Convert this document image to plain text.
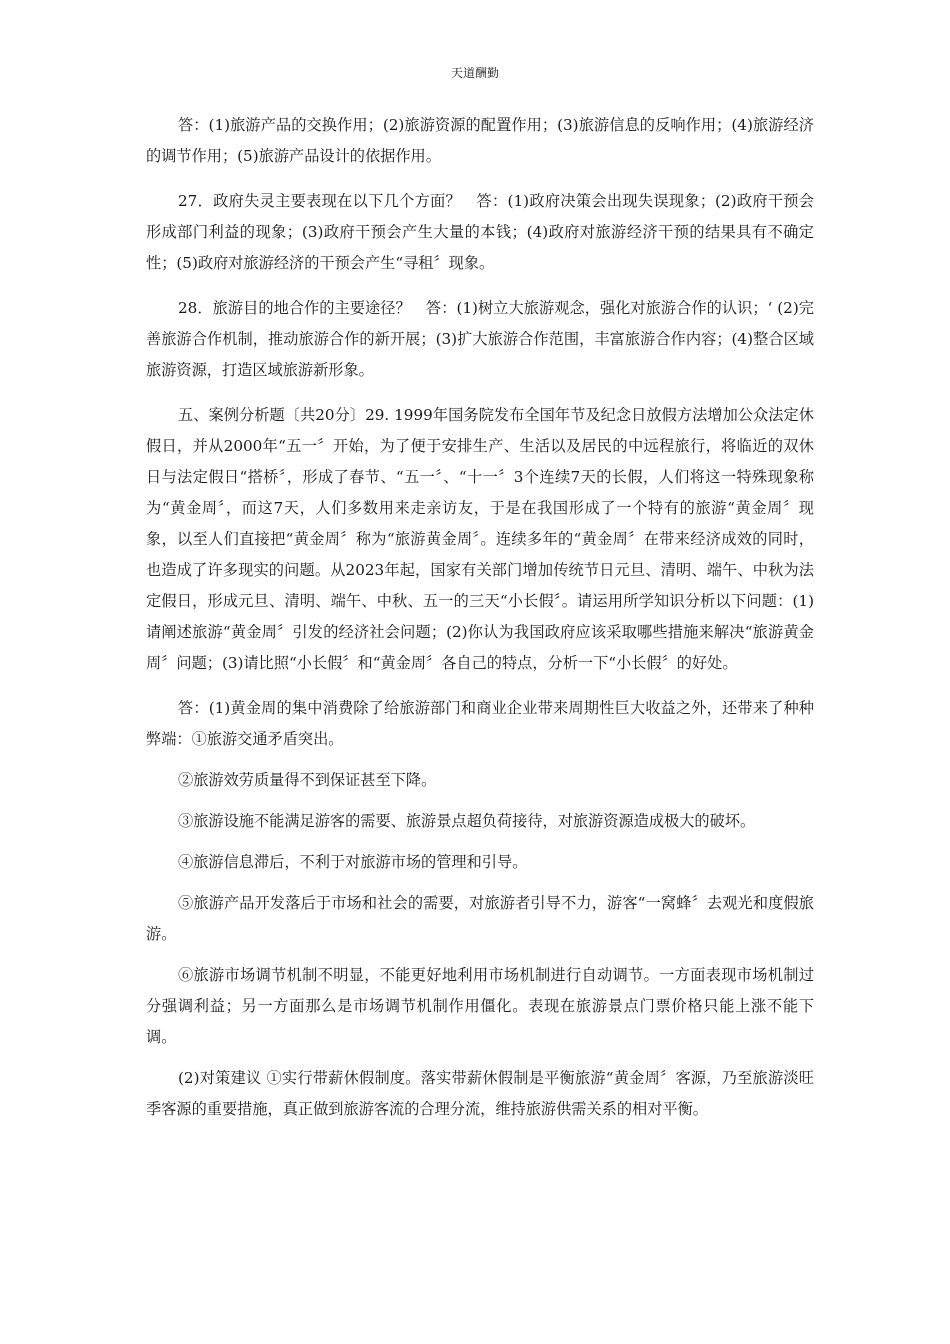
天道酬勤

答：(1)旅游产品的交换作用；(2)旅游资源的配置作用；(3)旅游信息的反响作用；(4)旅游经济的调节作用；(5)旅游产品设计的依据作用。

27．政府失灵主要表现在以下几个方面？　答：(1)政府决策会出现失误现象；(2)政府干预会形成部门利益的现象；(3)政府干预会产生大量的本钱；(4)政府对旅游经济干预的结果具有不确定性；(5)政府对旅游经济的干预会产生“寻租〞现象。

28．旅游目的地合作的主要途径？　答：(1)树立大旅游观念，强化对旅游合作的认识；‘ (2)完善旅游合作机制，推动旅游合作的新开展；(3)扩大旅游合作范围，丰富旅游合作内容；(4)整合区域旅游资源，打造区域旅游新形象。

五、案例分析题〔共20分〕29. 1999年国务院发布全国年节及纪念日放假方法增加公众法定休假日，并从2000年“五一〞开始，为了便于安排生产、生活以及居民的中远程旅行，将临近的双休日与法定假日“搭桥〞，形成了春节、“五一〞、“十一〞3个连续7天的长假，人们将这一特殊现象称为“黄金周〞，而这7天，人们多数用来走亲访友，于是在我国形成了一个特有的旅游“黄金周〞现象，以至人们直接把“黄金周〞称为“旅游黄金周〞。连续多年的“黄金周〞在带来经济成效的同时，也造成了许多现实的问题。从2023年起，国家有关部门增加传统节日元旦、清明、端午、中秋为法定假日，形成元旦、清明、端午、中秋、五一的三天“小长假〞。请运用所学知识分析以下问题：(1)请阐述旅游“黄金周〞引发的经济社会问题；(2)你认为我国政府应该采取哪些措施来解决“旅游黄金周〞问题；(3)请比照“小长假〞和“黄金周〞各自己的特点，分析一下“小长假〞的好处。

答：(1)黄金周的集中消费除了给旅游部门和商业企业带来周期性巨大收益之外，还带来了种种弊端：①旅游交通矛盾突出。

②旅游效劳质量得不到保证甚至下降。

③旅游设施不能满足游客的需要、旅游景点超负荷接待，对旅游资源造成极大的破坏。

④旅游信息滞后，不利于对旅游市场的管理和引导。

⑤旅游产品开发落后于市场和社会的需要，对旅游者引导不力，游客“一窝蜂〞去观光和度假旅游。

⑥旅游市场调节机制不明显，不能更好地利用市场机制进行自动调节。一方面表现市场机制过分强调利益；另一方面那么是市场调节机制作用僵化。表现在旅游景点门票价格只能上涨不能下调。

(2)对策建议 ①实行带薪休假制度。落实带薪休假制是平衡旅游“黄金周〞客源，乃至旅游淡旺季客源的重要措施，真正做到旅游客流的合理分流，维持旅游供需关系的相对平衡。
